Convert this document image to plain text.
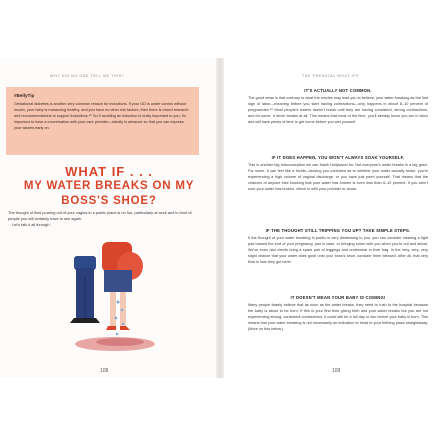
WHY DID NO ONE TELL ME THIS?	THE PRENATAL WHAT-IFS
#BellyTip
Gestational diabetes is another very common reason for inductions. If your GD is under control without insulin, your baby is measuring healthy, and you have no other risk factors, then there is mixed research and recommendations to support inductions.⁴⁵ So if avoiding an induction is really important to you, it's important to have a conversation with your care provider—ideally in advance so that you can express your wishes early on.
WHAT IF . . .
MY WATER BREAKS ON MY
BOSS'S SHOE?
The thought of fluid pouring out of your vagina in a public place is no fun, particularly at work and in front of people you will certainly have to see again.
Let's talk it all through.
108	109
IT'S ACTUALLY NOT COMMON.
The good news is that contrary to what the movies may lead you to believe, your water breaking as the first sign of labor—meaning before you start having contractions—only happens in about 8–10 percent of pregnancies.⁴⁶ Most people's waters doesn't break until they are having consistent, strong contractions, and for some, it never breaks at all. This means that most of the time, you'll already know you are in labor and will have plenty of time to get home before you wet yourself.
IF IT DOES HAPPEN, YOU WON'T ALWAYS SOAK YOURSELF.
This is another big misconception we can thank Hollywood for. Not everyone's water breaks in a big gush. For some, it can feel like a trickle—leaving you confused as to whether your water actually broke, you're experiencing a high volume of vaginal discharge, or you have just peed yourself. That means that the chances of anyone else knowing that your water has broken is even less than 8–10 percent. If you aren't sure your water has broken, check in with your provider or doula.
IF THE THOUGHT STILL TRIPPING YOU UP? TAKE SIMPLE STEPS.
If the thought of your water breaking in public is very distressing to you, you can consider wearing a light pad toward the end of your pregnancy, just in case, or bringing some with you when you're out and about. We've even had clients bring a spare pair of leggings and underwear in their bag. In the very, very, very slight chance that your water does gush onto your boss's shoe, consider them blessed. After all, that very fluid is how they got here!
IT DOESN'T MEAN YOUR BABY IS COMING!
Many people falsely believe that as soon as the water breaks, they need to rush to the hospital because the baby is about to be born. If this is your first time giving birth and your water breaks but you are not experiencing strong, consistent contractions, it could still be a full day or two before your baby is born. This means that your water breaking is not necessarily an indication to head to your birthing place straightaway. (More on this below.)
